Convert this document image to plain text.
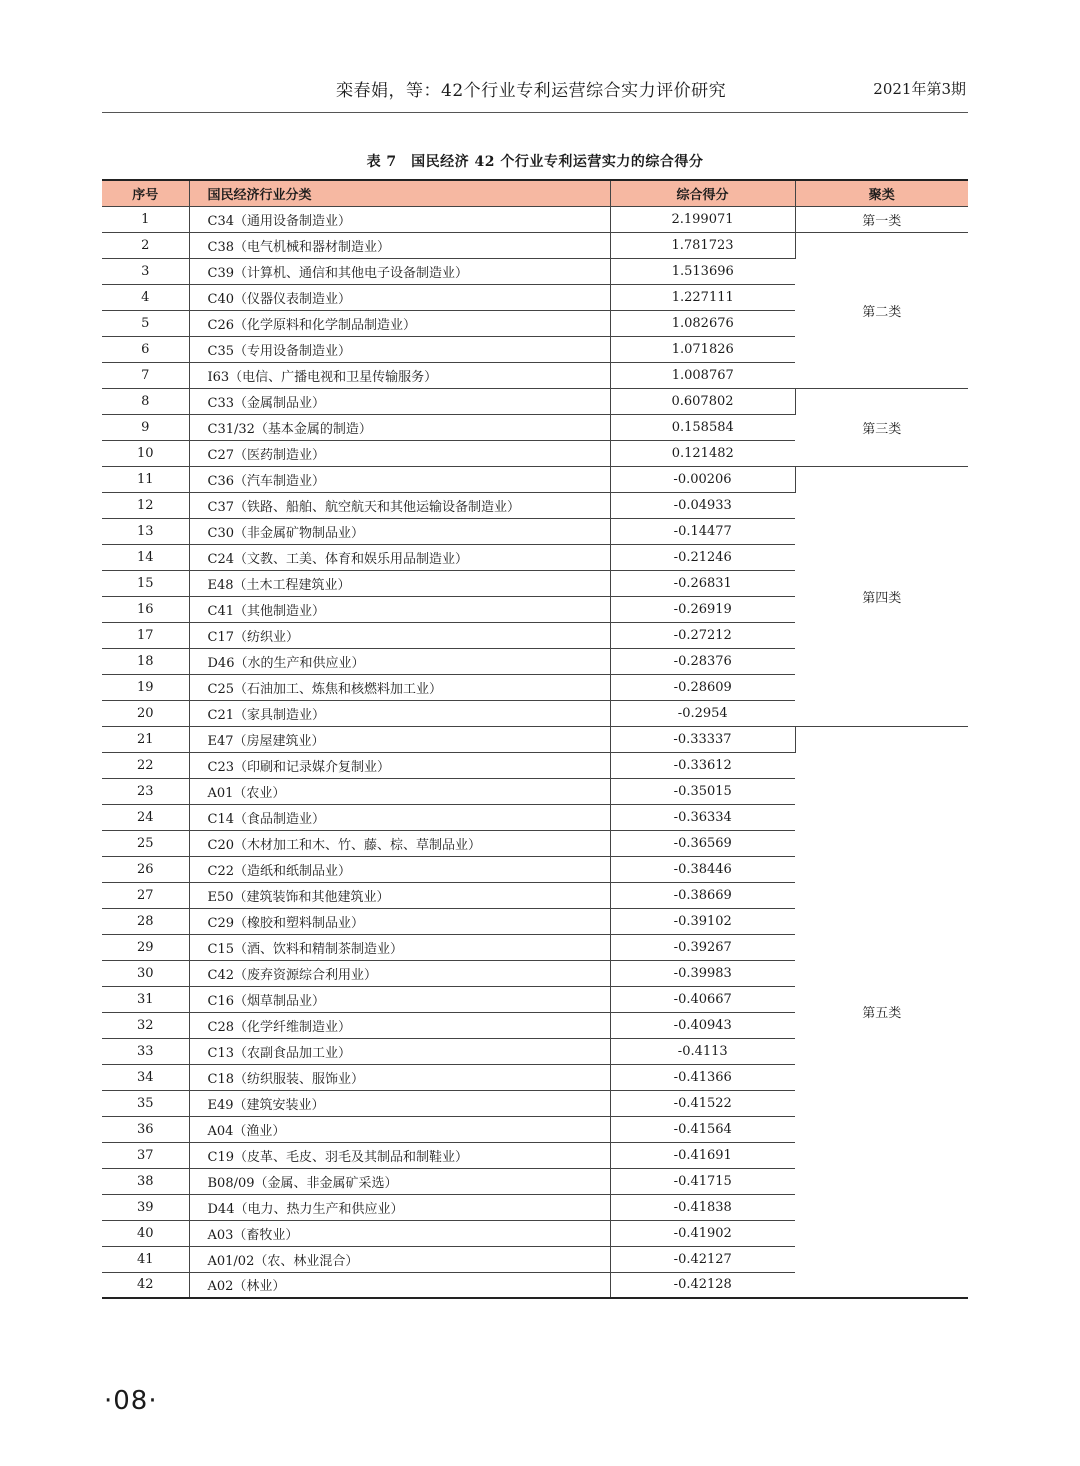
栾春娟，等：42个行业专利运营综合实力评价研究	2021年第3期
表 7　国民经济 42 个行业专利运营实力的综合得分
序号	国民经济行业分类	综合得分	聚类
1	C34（通用设备制造业）	2.199071	第一类
2	C38（电气机械和器材制造业）	1.781723	第二类
3	C39（计算机、通信和其他电子设备制造业）	1.513696	
4	C40（仪器仪表制造业）	1.227111	
5	C26（化学原料和化学制品制造业）	1.082676	
6	C35（专用设备制造业）	1.071826	
7	I63（电信、广播电视和卫星传输服务）	1.008767	
8	C33（金属制品业）	0.607802	第三类
9	C31/32（基本金属的制造）	0.158584	
10	C27（医药制造业）	0.121482	
11	C36（汽车制造业）	-0.00206	第四类
12	C37（铁路、船舶、航空航天和其他运输设备制造业）	-0.04933	
13	C30（非金属矿物制品业）	-0.14477	
14	C24（文教、工美、体育和娱乐用品制造业）	-0.21246	
15	E48（土木工程建筑业）	-0.26831	
16	C41（其他制造业）	-0.26919	
17	C17（纺织业）	-0.27212	
18	D46（水的生产和供应业）	-0.28376	
19	C25（石油加工、炼焦和核燃料加工业）	-0.28609	
20	C21（家具制造业）	-0.2954	
21	E47（房屋建筑业）	-0.33337	第五类
22	C23（印刷和记录媒介复制业）	-0.33612	
23	A01（农业）	-0.35015	
24	C14（食品制造业）	-0.36334	
25	C20（木材加工和木、竹、藤、棕、草制品业）	-0.36569	
26	C22（造纸和纸制品业）	-0.38446	
27	E50（建筑装饰和其他建筑业）	-0.38669	
28	C29（橡胶和塑料制品业）	-0.39102	
29	C15（酒、饮料和精制茶制造业）	-0.39267	
30	C42（废弃资源综合利用业）	-0.39983	
31	C16（烟草制品业）	-0.40667	
32	C28（化学纤维制造业）	-0.40943	
33	C13（农副食品加工业）	-0.4113	
34	C18（纺织服装、服饰业）	-0.41366	
35	E49（建筑安装业）	-0.41522	
36	A04（渔业）	-0.41564	
37	C19（皮革、毛皮、羽毛及其制品和制鞋业）	-0.41691	
38	B08/09（金属、非金属矿采选）	-0.41715	
39	D44（电力、热力生产和供应业）	-0.41838	
40	A03（畜牧业）	-0.41902	
41	A01/02（农、林业混合）	-0.42127	
42	A02（林业）	-0.42128	
·08·
